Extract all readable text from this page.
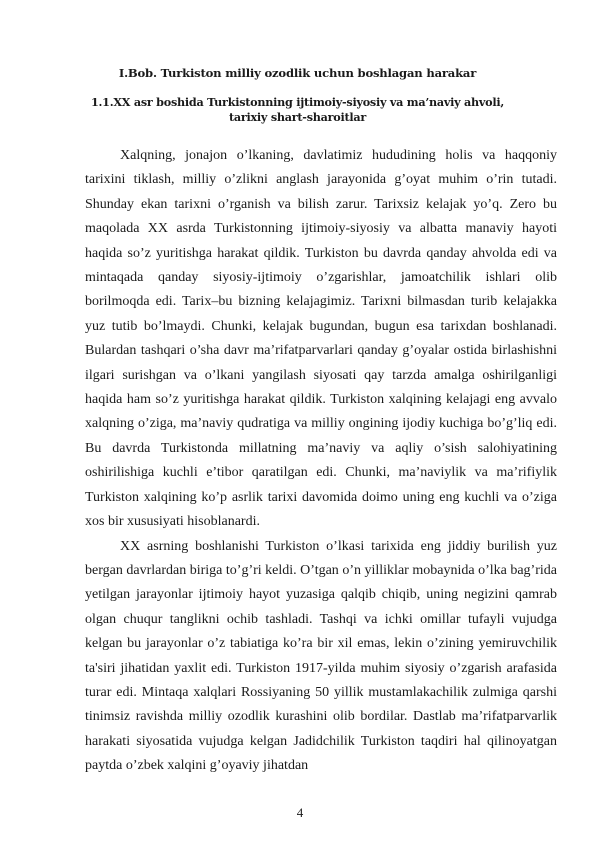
I.Bob. Turkiston milliy ozodlik uchun boshlagan harakar
1.1.XX asr boshida Turkistonning ijtimoiy-siyosiy va ma’naviy ahvoli, tarixiy shart-sharoitlar

Xalqning, jonajon o’lkaning, davlatimiz hududining holis va haqqoniy tarixini tiklash, milliy o’zlikni anglash jarayonida g’oyat muhim o’rin tutadi. Shunday ekan tarixni o’rganish va bilish zarur. Tarixsiz kelajak yo’q. Zero bu maqolada XX asrda Turkistonning ijtimoiy-siyosiy va albatta manaviy hayoti haqida so’z yuritishga harakat qildik. Turkiston bu davrda qanday ahvolda edi va mintaqada qanday siyosiy-ijtimoiy o’zgarishlar, jamoatchilik ishlari olib borilmoqda edi. Tarix–bu bizning kelajagimiz. Tarixni bilmasdan turib kelajakka yuz tutib bo’lmaydi. Chunki, kelajak bugundan, bugun esa tarixdan boshlanadi. Bulardan tashqari o’sha davr ma’rifatparvarlari qanday g’oyalar ostida birlashishni ilgari surishgan va o’lkani yangilash siyosati qay tarzda amalga oshirilganligi haqida ham so’z yuritishga harakat qildik. Turkiston xalqining kelajagi eng avvalo xalqning o’ziga, ma’naviy qudratiga va milliy ongining ijodiy kuchiga bo’g’liq edi. Bu davrda Turkistonda millatning ma’naviy va aqliy o’sish salohiyatining oshirilishiga kuchli e’tibor qaratilgan edi. Chunki, ma’naviylik va ma’rifiylik Turkiston xalqining ko’p asrlik tarixi davomida doimo uning eng kuchli va o’ziga xos bir xususiyati hisoblanardi.

XX asrning boshlanishi Turkiston o’lkasi tarixida eng jiddiy burilish yuz bergan davrlardan biriga to’g’ri keldi. O’tgan o’n yilliklar mobaynida o’lka bag’rida yetilgan jarayonlar ijtimoiy hayot yuzasiga qalqib chiqib, uning negizini qamrab olgan chuqur tanglikni ochib tashladi. Tashqi va ichki omillar tufayli vujudga kelgan bu jarayonlar o’z tabiatiga ko’ra bir xil emas, lekin o’zining yemiruvchilik ta'siri jihatidan yaxlit edi. Turkiston 1917-yilda muhim siyosiy o’zgarish arafasida turar edi. Mintaqa xalqlari Rossiyaning 50 yillik mustamlakachilik zulmiga qarshi tinimsiz ravishda milliy ozodlik kurashini olib bordilar. Dastlab ma’rifatparvarlik harakati siyosatida vujudga kelgan Jadidchilik Turkiston taqdiri hal qilinoyatgan paytda o’zbek xalqini g’oyaviy jihatdan

4
